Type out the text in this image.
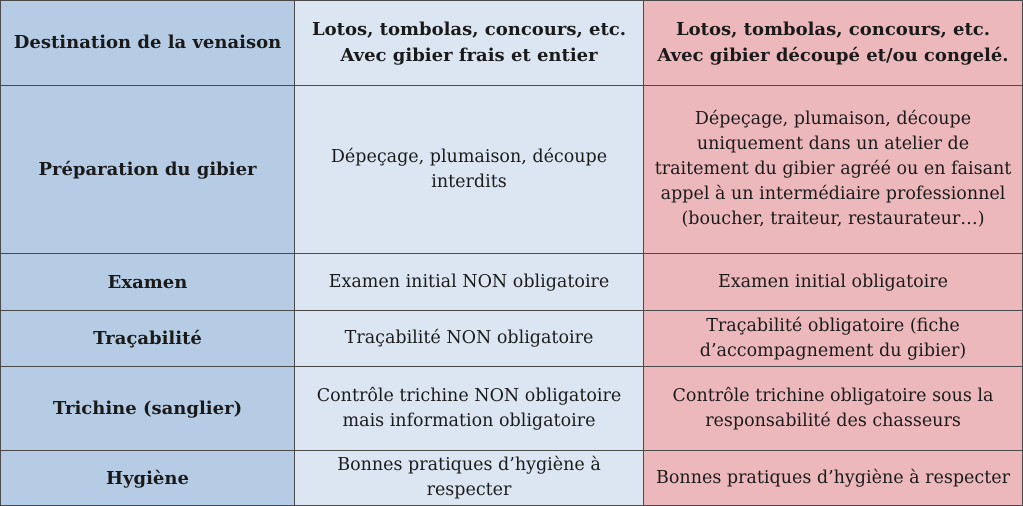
Destination de la venaison	Lotos, tombolas, concours, etc. Avec gibier frais et entier	Lotos, tombolas, concours, etc. Avec gibier découpé et/ou congelé.
Préparation du gibier	Dépeçage, plumaison, découpe interdits	Dépeçage, plumaison, découpe uniquement dans un atelier de traitement du gibier agréé ou en faisant appel à un intermédiaire professionnel (boucher, traiteur, restaurateur…)
Examen	Examen initial NON obligatoire	Examen initial obligatoire
Traçabilité	Traçabilité NON obligatoire	Traçabilité obligatoire (fiche d’accompagnement du gibier)
Trichine (sanglier)	Contrôle trichine NON obligatoire mais information obligatoire	Contrôle trichine obligatoire sous la responsabilité des chasseurs
Hygiène	Bonnes pratiques d’hygiène à respecter	Bonnes pratiques d’hygiène à respecter
